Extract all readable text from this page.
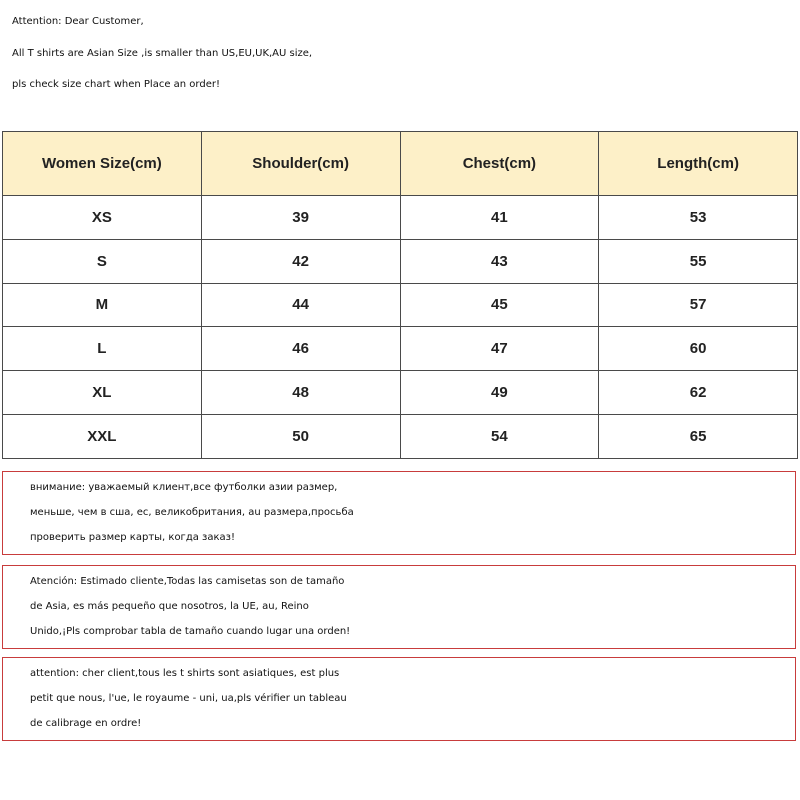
Attention: Dear Customer,
All T shirts are Asian Size ,is smaller than US,EU,UK,AU size,
pls check size chart when Place an order!
Women Size(cm)	Shoulder(cm)	Chest(cm)	Length(cm)
XS	39	41	53
S	42	43	55
M	44	45	57
L	46	47	60
XL	48	49	62
XXL	50	54	65
внимание: уважаемый клиент,все футболки азии размер,
меньше, чем в сша, ес, великобритания, au размера,просьба
проверить размер карты, когда заказ!
Atención: Estimado cliente,Todas las camisetas son de tamaño
de Asia, es más pequeño que nosotros, la UE, au, Reino
Unido,¡Pls comprobar tabla de tamaño cuando lugar una orden!
attention: cher client,tous les t shirts sont asiatiques, est plus
petit que nous, l'ue, le royaume - uni, ua,pls vérifier un tableau
de calibrage en ordre!
